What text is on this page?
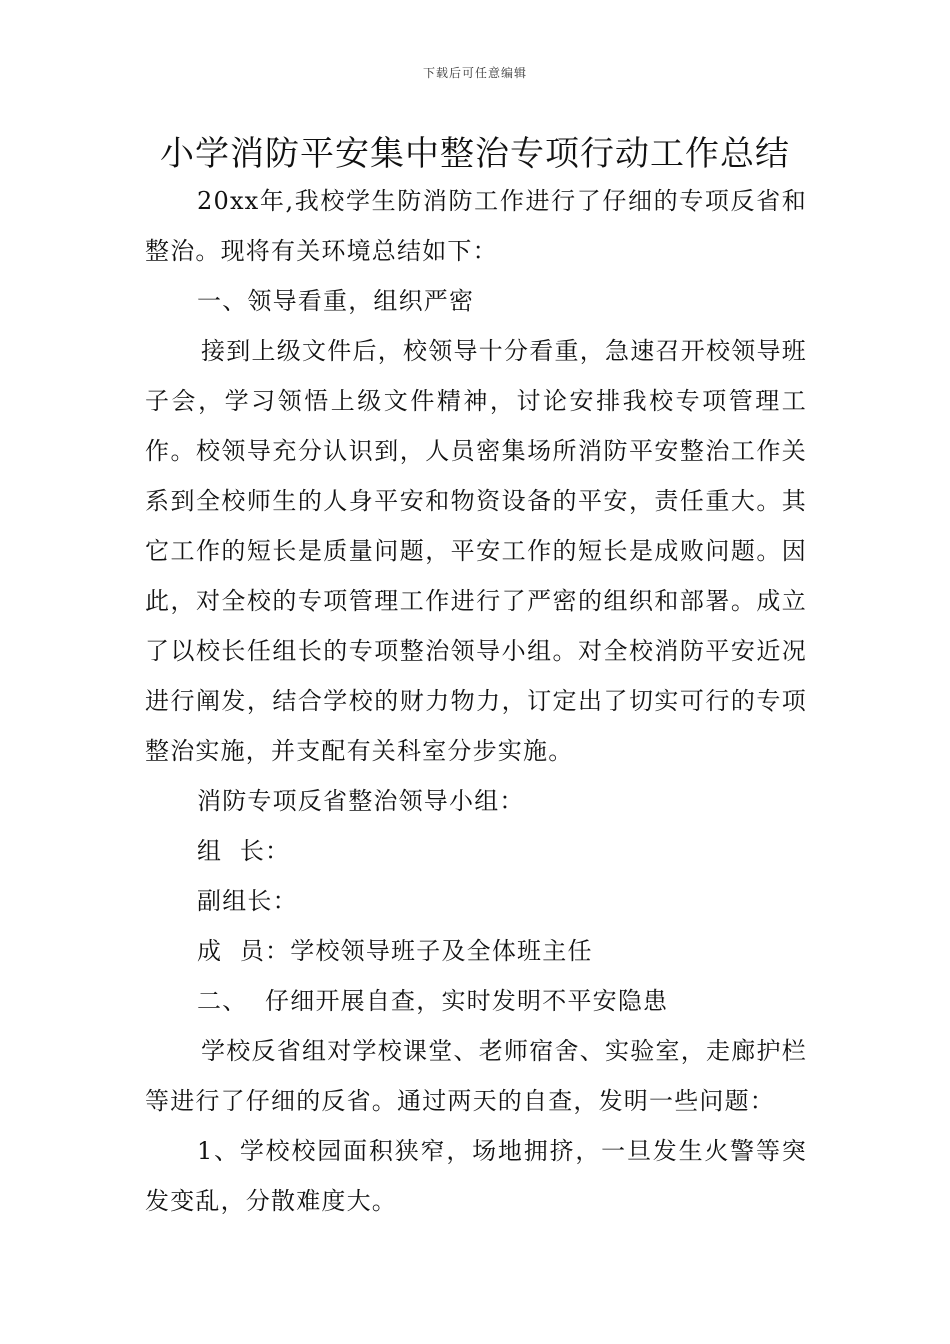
下载后可任意编辑
小学消防平安集中整治专项行动工作总结

20xx年,我校学生防消防工作进行了仔细的专项反省和整治。现将有关环境总结如下：

一、领导看重，组织严密

接到上级文件后，校领导十分看重，急速召开校领导班子会，学习领悟上级文件精神，讨论安排我校专项管理工作。校领导充分认识到，人员密集场所消防平安整治工作关系到全校师生的人身平安和物资设备的平安，责任重大。其它工作的短长是质量问题，平安工作的短长是成败问题。因此，对全校的专项管理工作进行了严密的组织和部署。成立了以校长任组长的专项整治领导小组。对全校消防平安近况进行阐发，结合学校的财力物力，订定出了切实可行的专项整治实施，并支配有关科室分步实施。

消防专项反省整治领导小组：

组  长：

副组长：

成  员：学校领导班子及全体班主任

二、  仔细开展自查，实时发明不平安隐患

学校反省组对学校课堂、老师宿舍、实验室，走廊护栏等进行了仔细的反省。通过两天的自查，发明一些问题：

1、学校校园面积狭窄，场地拥挤，一旦发生火警等突发变乱，分散难度大。
